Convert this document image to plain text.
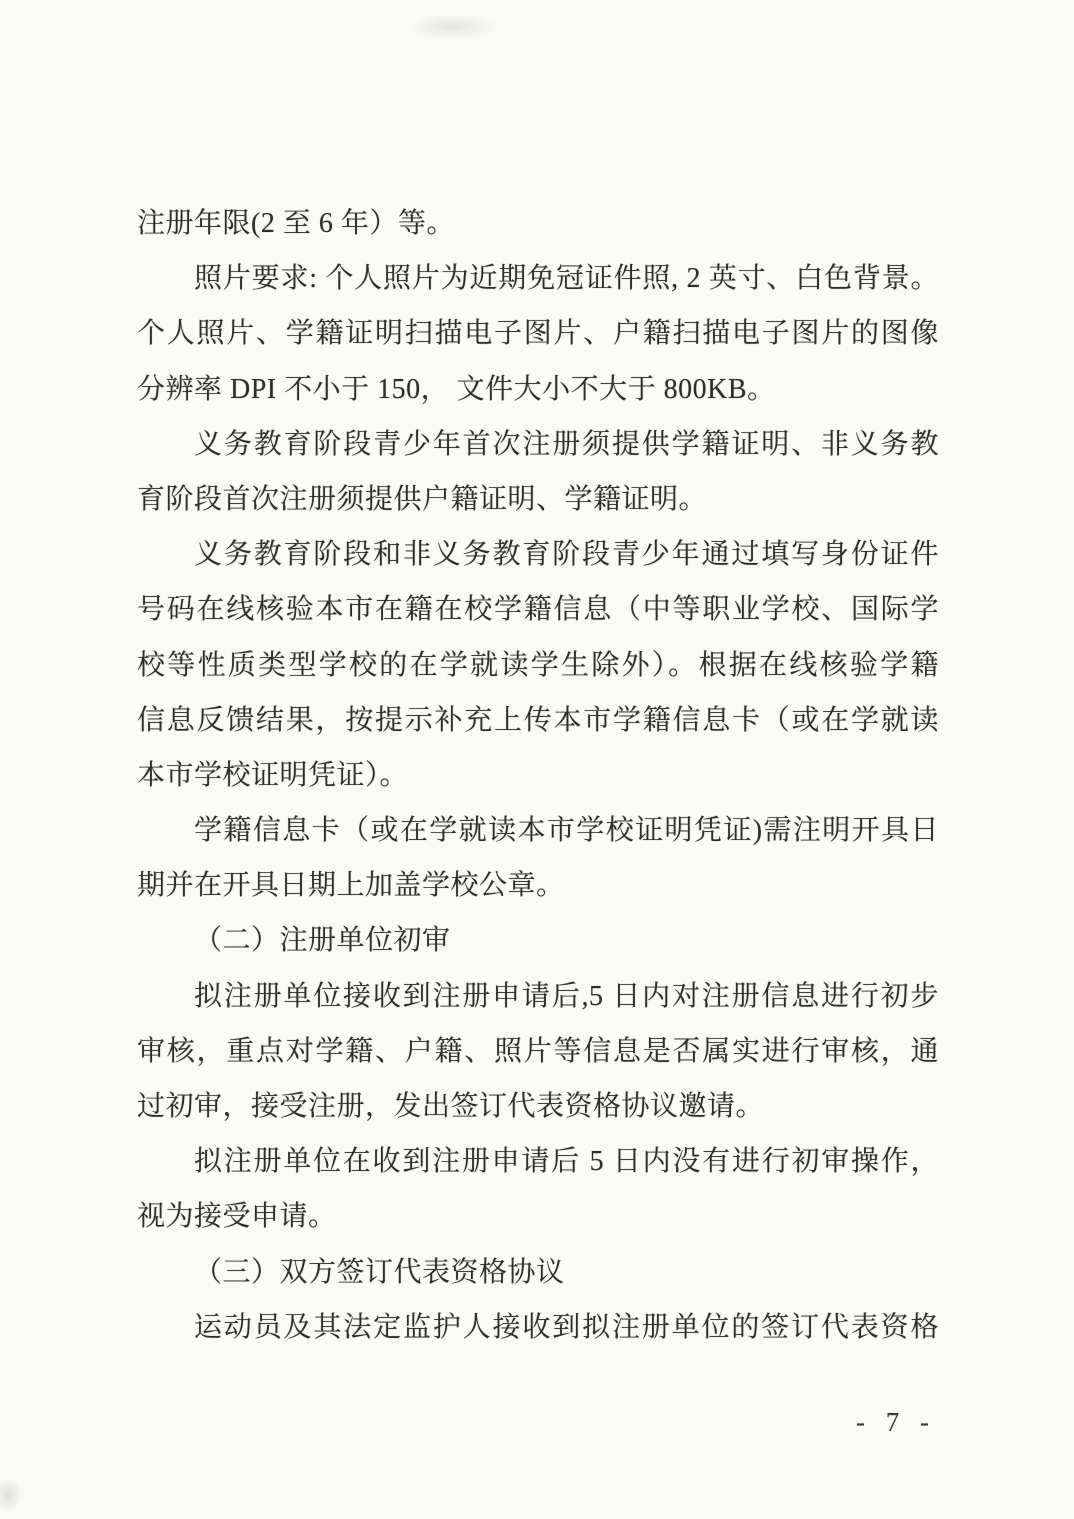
注册年限(2 至 6 年）等。
照片要求: 个人照片为近期免冠证件照, 2 英寸、白色背景。
个人照片、学籍证明扫描电子图片、户籍扫描电子图片的图像
分辨率 DPI 不小于 150， 文件大小不大于 800KB。
义务教育阶段青少年首次注册须提供学籍证明、非义务教
育阶段首次注册须提供户籍证明、学籍证明。
义务教育阶段和非义务教育阶段青少年通过填写身份证件
号码在线核验本市在籍在校学籍信息（中等职业学校、国际学
校等性质类型学校的在学就读学生除外）。根据在线核验学籍
信息反馈结果，按提示补充上传本市学籍信息卡（或在学就读
本市学校证明凭证）。
学籍信息卡（或在学就读本市学校证明凭证)需注明开具日
期并在开具日期上加盖学校公章。
（二）注册单位初审
拟注册单位接收到注册申请后,5 日内对注册信息进行初步
审核，重点对学籍、户籍、照片等信息是否属实进行审核，通
过初审，接受注册，发出签订代表资格协议邀请。
拟注册单位在收到注册申请后 5 日内没有进行初审操作，
视为接受申请。
（三）双方签订代表资格协议
运动员及其法定监护人接收到拟注册单位的签订代表资格
- 7 -
